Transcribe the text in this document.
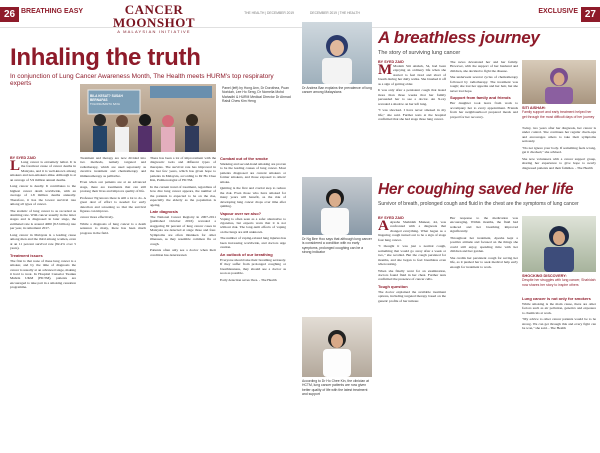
26 BREATHING EASY	CANCER MOONSHOT
A MALAYSIAN INITIATIVE
THE HEALTH | DECEMBER 2019
Inhaling the truth
In conjunction of Lung Cancer Awareness Month, The Health meets HURM's top respiratory experts
BILA KESAT? SUSAH BERNAFAS
TOLONG BANTU SAYA
Panel (left) by Hong Ann, Dr Dorothea, Puan Noridah, Lee Ho Seng, Dr Nomelia Mohd Mahadhi & HURM Medical Director Dr Ahmad Raisli Chew Kim Heng
BY SYED ZAID

L Lung cancer is extremely lethal. It is the foremost cause of cancer deaths in Malaysia, and it is well-known among smokers and non-smokers alike. Although is at an average of 5.9 million annual deaths.

Lung cancer is deadly. It contributes to the highest cancer death worldwide, with an average of 1.8 million deaths annually. Therefore, it has the lowest survival rate among all types of cancer.

The statistic of lung cancer is as recorded as alarming rate. With cancer usually in the latter stages and is diagnosed in later stage, the estimated rate is around 4000 (8.3 billion) rate per year, in retirement 2017.

Lung cancer in Malaysia is a leading cause among men and the third among women, even at an 11 percent survival rate (82.4% over 5 years).

Treatment issues

The first is that none of these lung cancer is a smoker, and by the time of diagnosis the cancer is usually at an advanced stage, making it hard to treat. In Hospital Canselor Tuanku Muhriz UKM (HCTM), patients are encouraged to take part in a smoking cessation programme.

Treatment and therapy are now divided into two methods, namely targeted and radiotherapy, which are used separately as curative treatment and chemotherapy and immunotherapy as palliative.

Even when our patients are at an advanced stage, there are treatments that can still prolong their lives and improve quality of life.

Professor Ng knows there is still a lot to do. A great deal of effort is needed for early detection and screening so that the survival figures can improve.

cancer more effectively.

While a diagnosis of lung cancer is a death sentence to many, there has been much progress in the field.

There has been a lot of improvement with the diagnostic tools and different types of therapies. The survival rate has improved in the last few years, which has given hope to patients in Malaysia, according to Dr Ho Chee Kin, Pulmonologist of HCTM.

In the current trend of treatment, regardless of how dire lung cancer appears, the number of the patients is expected to be on the rise, especially the elderly as the population is ageing.

Late diagnosis

The National Cancer Registry in 2007-2011 (published October 2016) revealed a staggering 92 percent of lung cancer cases in Malaysia are detected at stage three and four. Symptoms are often mistaken for other illnesses, as they resemble common flu or cough.

Patients often only see a doctor when their condition has deteriorated.

Combat out of the smoke

Smoking and second-hand smoking are proven to be the leading causes of lung cancer. Most patients diagnosed are current smokers or former smokers, and those exposed to others' smoke.

Quitting is the first and crucial step to reduce the risk. Even those who have smoked for many years will benefit, as the risk of developing lung cancer drops over time after quitting.

Vapour over we also?

Vaping is often seen as a safer alternative to cigarettes, but experts warn that it is not without risk. The long-term effects of vaping on the lungs are still unknown.

The number of vaping-related lung injuries has been increasing worldwide, and doctors urge caution.

An outlook of our breathing

Everyone should take their breathing seriously. If they suffer from prolonged coughing or breathlessness, they should see a doctor as soon as possible.

Early detection saves lives. - The Health

DECEMBER 2019 | THE HEALTH	EXCLUSIVE 27
Dr Andrea Ban explains the prevalence of lung cancer among Malaysians
Dr Ng Bee Hoo says that although lung cancer is considered a condition with no early symptoms, prolonged coughing can be a strong indicator
According to Dr Ho Chee Kin, the clinician at HCTM, lung cancer patients are now given better quality of life with the latest treatment and support
A breathless journey
The story of surviving lung cancer
BY SYED ZAID

M Madam Siti Aishah, 54, had been enjoying an ordinary life when she started to feel tired and short of breath during her daily walks. She brushed it off as a sign of getting older.

It was only after a persistent cough that lasted more than three weeks that her family persuaded her to see a doctor. An X-ray revealed a shadow on her left lung.

"I was shocked. I have never smoked in my life," she said. Further tests at the hospital confirmed that she had stage three lung cancer.

The news devastated her and her family. However, with the support of her husband and children, she decided to fight the disease.

She underwent several cycles of chemotherapy followed by radiotherapy. The treatment was tough; she lost her appetite and her hair, but she never lost hope.

Support from family and friends

Her daughter took leave from work to accompany her to every appointment. Friends from her neighbourhood prepared meals and prayed for her recovery.

SITI AISHAH:
Family support and early treatment helped her get through the most difficult days of her journey

Today, two years after her diagnosis, her cancer is under control. She continues her regular check-ups and encourages others to take their symptoms seriously.

"Do not ignore your body. If something feels wrong, get it checked," she advised.

She now volunteers with a cancer support group, sharing her experience to give hope to newly diagnosed patients and their families. - The Health

Her coughing saved her life
Survivor of breath, prolonged cough and fluid in the chest are the symptoms of lung cancer
BY SYED ZAID

A Ayesha Shahidah Muneer, 44, was confronted with a diagnosis that changed everything. What began as a lingering cough turned out to be a sign of stage four lung cancer.

"I thought it was just a normal cough, something that would go away after a week or two," she recalled. But the cough persisted for months, and she began to feel breathless even when resting.

When she finally went for an examination, doctors found fluid in her chest. Further tests confirmed the presence of cancer cells.

Tough question

The doctor explained the available treatment options, including targeted therapy based on the genetic profile of her tumour.

Her response to the medication was encouraging. Within months, the fluid had reduced and her breathing improved significantly.

Throughout her treatment, Ayesha kept a positive attitude and focused on the things she could still enjoy, spending time with her children and her garden.

She credits her persistent cough for saving her life, as it pushed her to seek medical help early enough for treatment to work.

SHOCKING DISCOVERY:
Despite her struggles with lung cancer, Shahidah now shares her story to inspire others
Lung cancer is not only for smokers

While smoking is the main cause, there are other factors such as air pollution, genetics and exposure to chemicals at work.

"My advice to other cancer patients would be to be strong. We can get through this and every fight can be won," she said. - The Health
